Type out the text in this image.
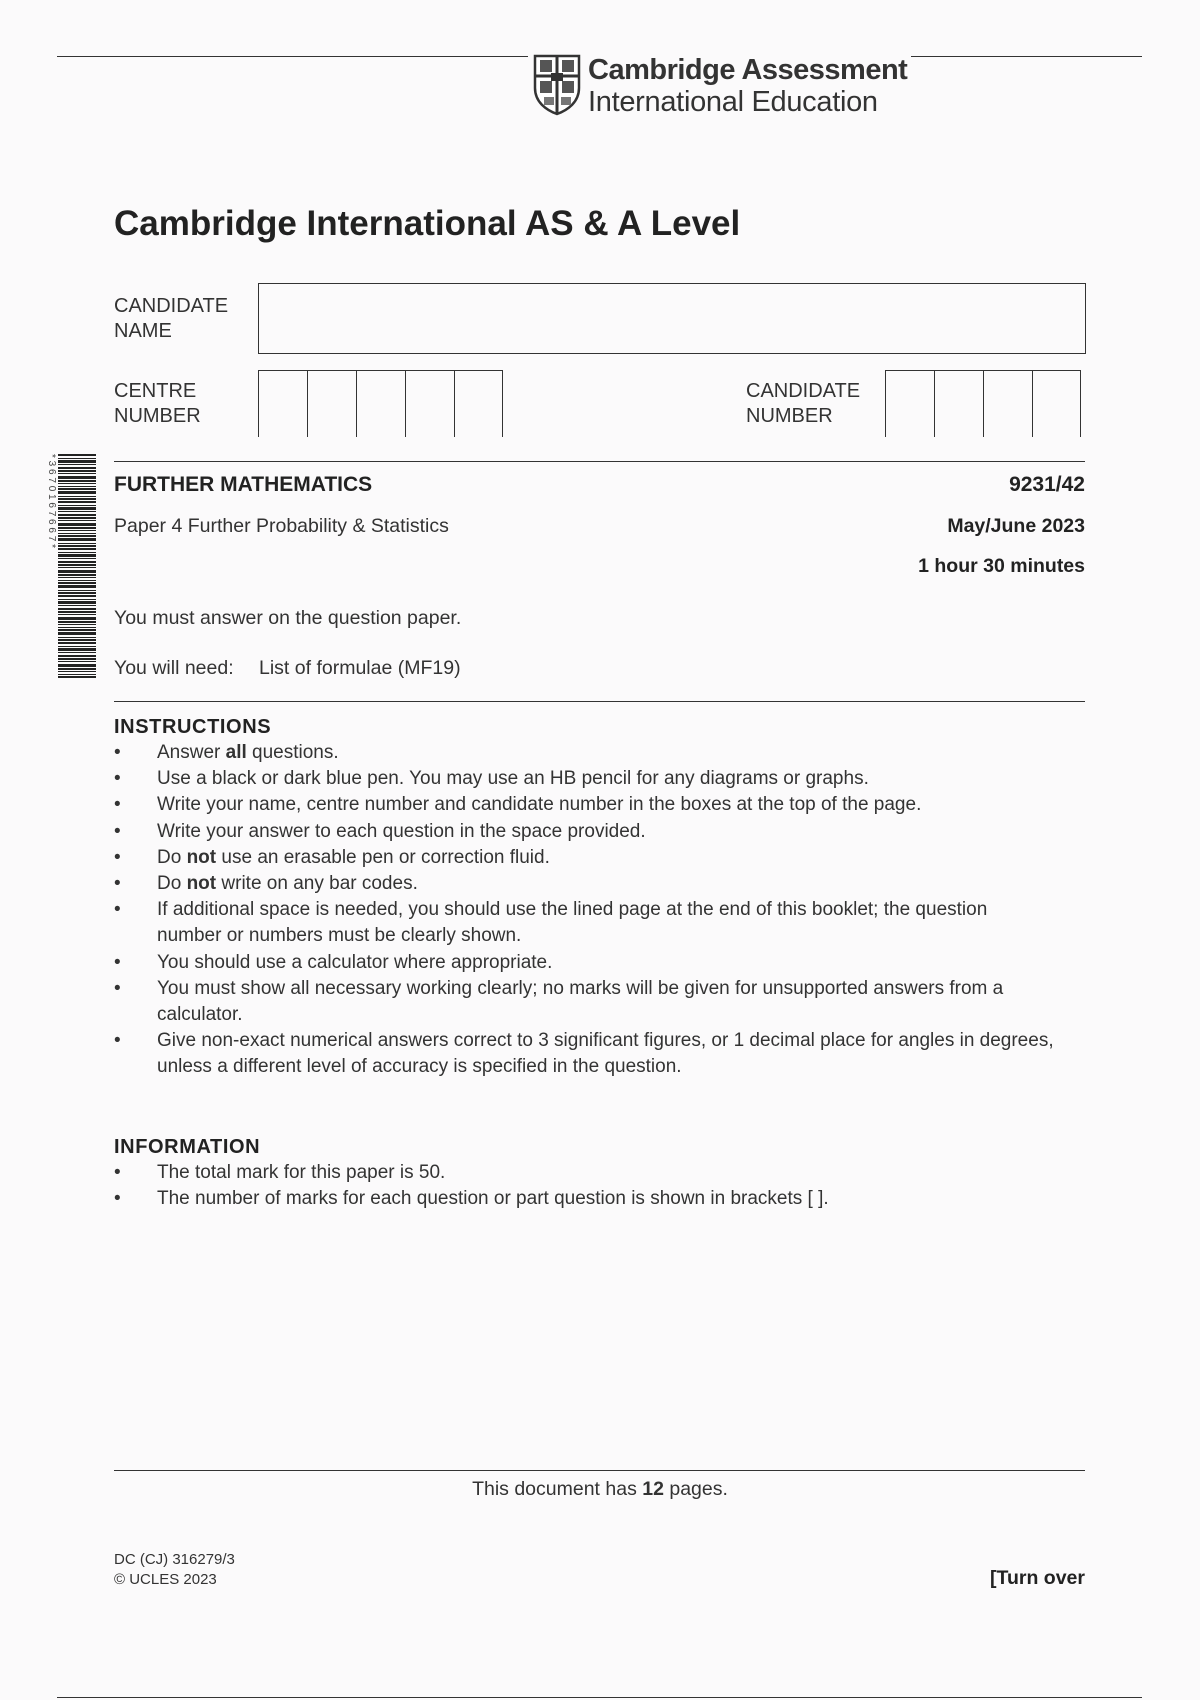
Cambridge Assessment
International Education
Cambridge International AS & A Level
CANDIDATE
NAME
CENTRE
NUMBER
CANDIDATE
NUMBER
* 3 6 7 0 1 6 7 6 6 7 *	FURTHER MATHEMATICS	9231/42
Paper 4 Further Probability & Statistics	May/June 2023
1 hour 30 minutes
You must answer on the question paper.
You will need: List of formulae (MF19)
INSTRUCTIONS
• Answer all questions.
• Use a black or dark blue pen. You may use an HB pencil for any diagrams or graphs.
• Write your name, centre number and candidate number in the boxes at the top of the page.
• Write your answer to each question in the space provided.
• Do not use an erasable pen or correction fluid.
• Do not write on any bar codes.
• If additional space is needed, you should use the lined page at the end of this booklet; the question number or numbers must be clearly shown.
• You should use a calculator where appropriate.
• You must show all necessary working clearly; no marks will be given for unsupported answers from a calculator.
• Give non-exact numerical answers correct to 3 significant figures, or 1 decimal place for angles in degrees, unless a different level of accuracy is specified in the question.
INFORMATION
• The total mark for this paper is 50.
• The number of marks for each question or part question is shown in brackets [ ].
This document has 12 pages.
DC (CJ) 316279/3
© UCLES 2023	[Turn over
